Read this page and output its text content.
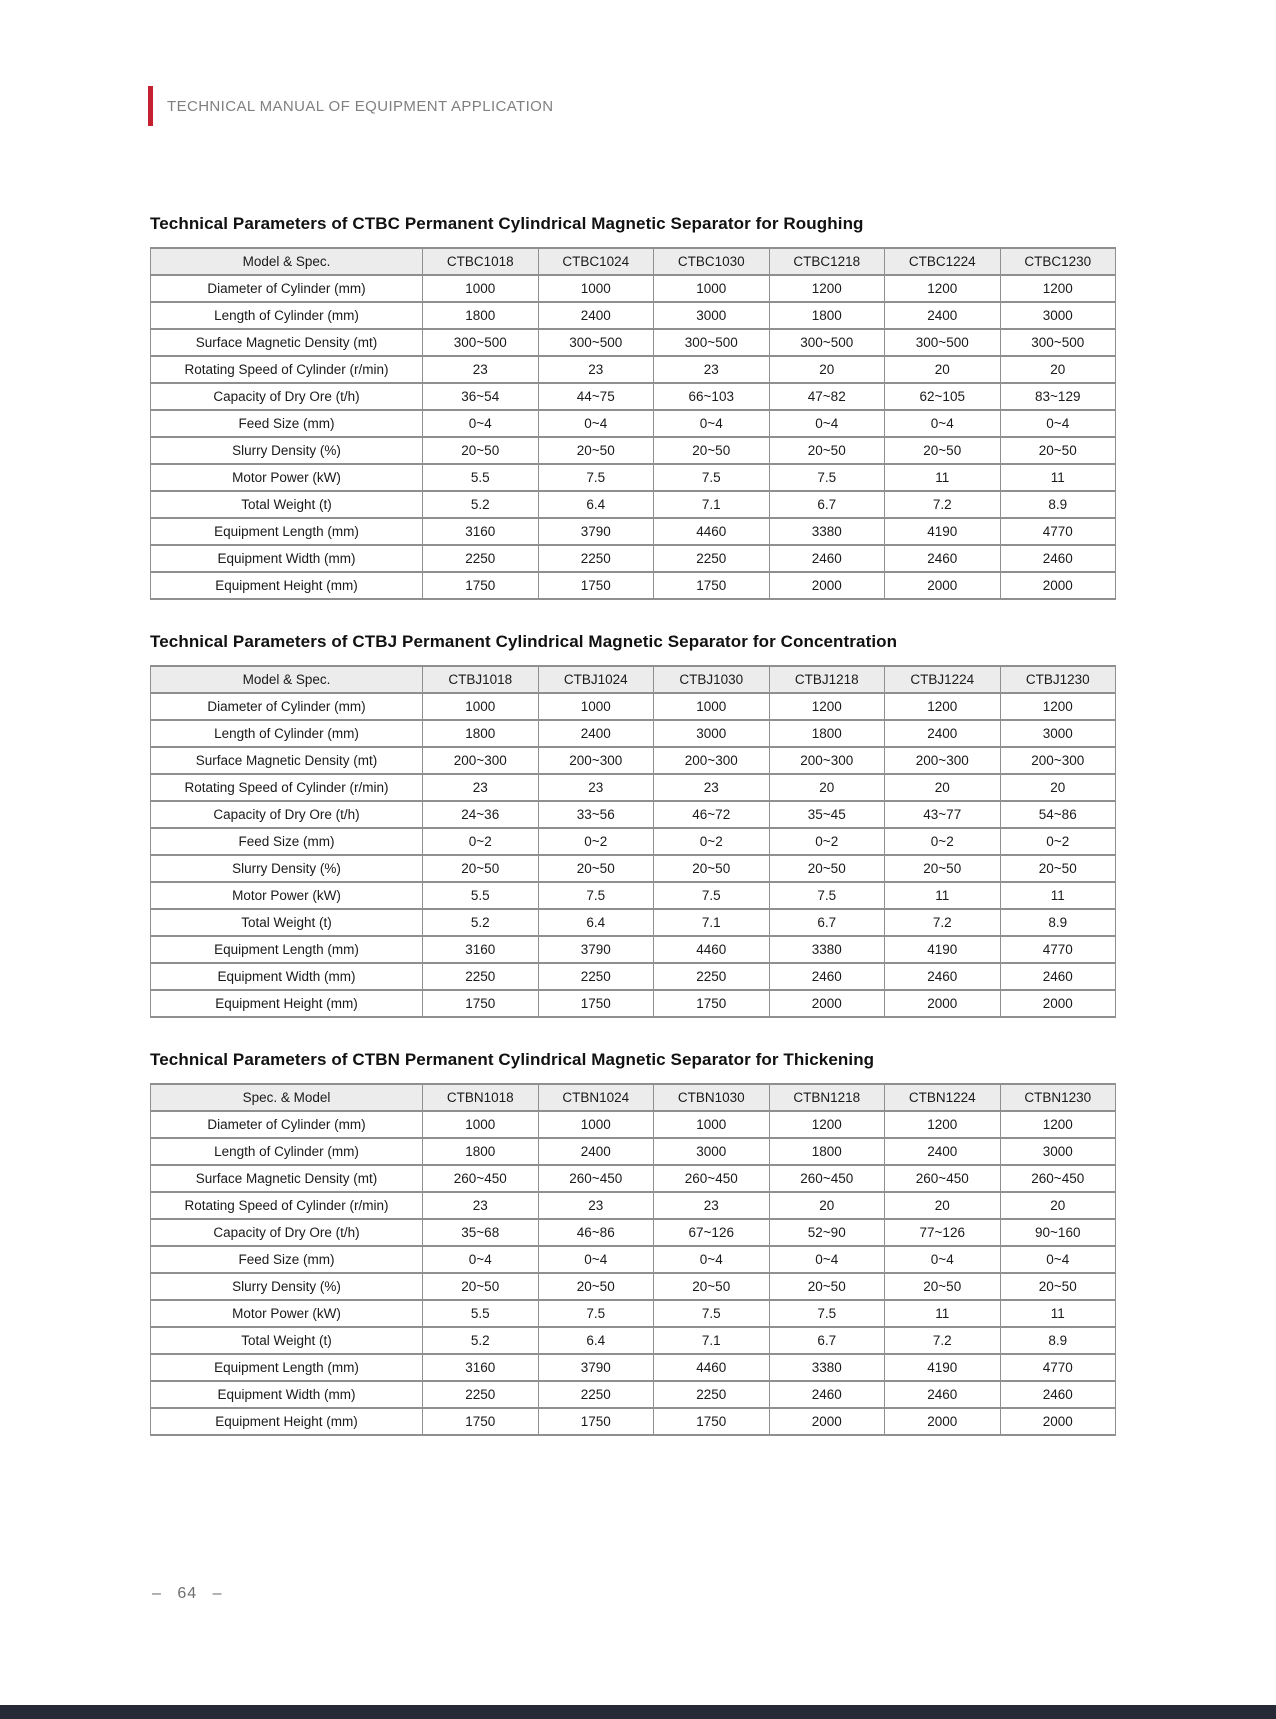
TECHNICAL MANUAL OF EQUIPMENT APPLICATION
Technical Parameters of CTBC Permanent Cylindrical Magnetic Separator for Roughing
Model & Spec.	CTBC1018	CTBC1024	CTBC1030	CTBC1218	CTBC1224	CTBC1230
Diameter of Cylinder (mm)	1000	1000	1000	1200	1200	1200
Length of Cylinder (mm)	1800	2400	3000	1800	2400	3000
Surface Magnetic Density (mt)	300~500	300~500	300~500	300~500	300~500	300~500
Rotating Speed of Cylinder (r/min)	23	23	23	20	20	20
Capacity of Dry Ore (t/h)	36~54	44~75	66~103	47~82	62~105	83~129
Feed Size (mm)	0~4	0~4	0~4	0~4	0~4	0~4
Slurry Density (%)	20~50	20~50	20~50	20~50	20~50	20~50
Motor Power (kW)	5.5	7.5	7.5	7.5	11	11
Total Weight (t)	5.2	6.4	7.1	6.7	7.2	8.9
Equipment Length (mm)	3160	3790	4460	3380	4190	4770
Equipment Width (mm)	2250	2250	2250	2460	2460	2460
Equipment Height (mm)	1750	1750	1750	2000	2000	2000
Technical Parameters of CTBJ Permanent Cylindrical Magnetic Separator for Concentration
Model & Spec.	CTBJ1018	CTBJ1024	CTBJ1030	CTBJ1218	CTBJ1224	CTBJ1230
Diameter of Cylinder (mm)	1000	1000	1000	1200	1200	1200
Length of Cylinder (mm)	1800	2400	3000	1800	2400	3000
Surface Magnetic Density (mt)	200~300	200~300	200~300	200~300	200~300	200~300
Rotating Speed of Cylinder (r/min)	23	23	23	20	20	20
Capacity of Dry Ore (t/h)	24~36	33~56	46~72	35~45	43~77	54~86
Feed Size (mm)	0~2	0~2	0~2	0~2	0~2	0~2
Slurry Density (%)	20~50	20~50	20~50	20~50	20~50	20~50
Motor Power (kW)	5.5	7.5	7.5	7.5	11	11
Total Weight (t)	5.2	6.4	7.1	6.7	7.2	8.9
Equipment Length (mm)	3160	3790	4460	3380	4190	4770
Equipment Width (mm)	2250	2250	2250	2460	2460	2460
Equipment Height (mm)	1750	1750	1750	2000	2000	2000
Technical Parameters of CTBN Permanent Cylindrical Magnetic Separator for Thickening
Spec. & Model	CTBN1018	CTBN1024	CTBN1030	CTBN1218	CTBN1224	CTBN1230
Diameter of Cylinder (mm)	1000	1000	1000	1200	1200	1200
Length of Cylinder (mm)	1800	2400	3000	1800	2400	3000
Surface Magnetic Density (mt)	260~450	260~450	260~450	260~450	260~450	260~450
Rotating Speed of Cylinder (r/min)	23	23	23	20	20	20
Capacity of Dry Ore (t/h)	35~68	46~86	67~126	52~90	77~126	90~160
Feed Size (mm)	0~4	0~4	0~4	0~4	0~4	0~4
Slurry Density (%)	20~50	20~50	20~50	20~50	20~50	20~50
Motor Power (kW)	5.5	7.5	7.5	7.5	11	11
Total Weight (t)	5.2	6.4	7.1	6.7	7.2	8.9
Equipment Length (mm)	3160	3790	4460	3380	4190	4770
Equipment Width (mm)	2250	2250	2250	2460	2460	2460
Equipment Height (mm)	1750	1750	1750	2000	2000	2000
– 64 –
